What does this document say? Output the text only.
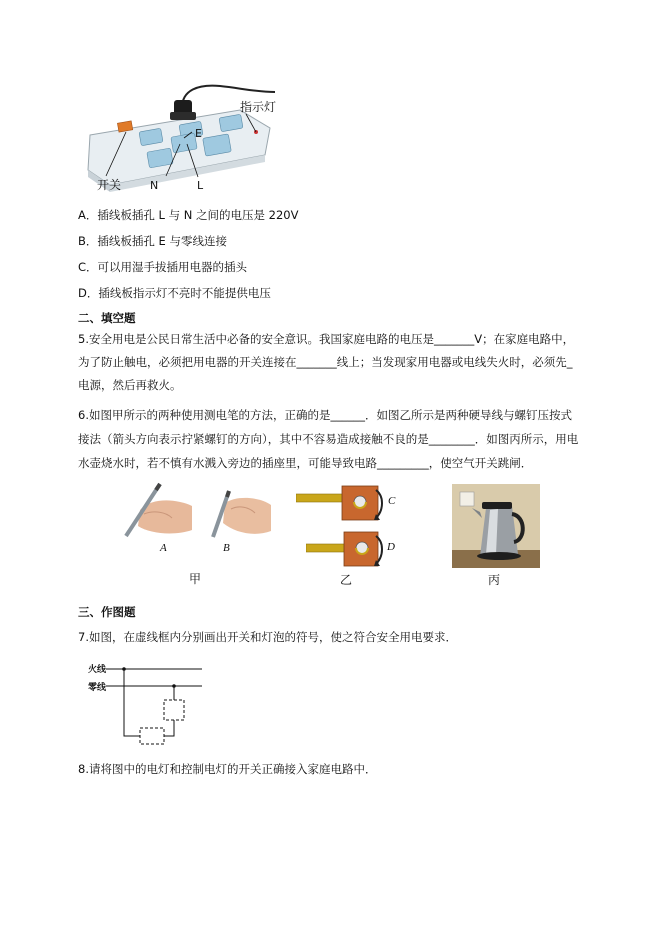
指示灯
E
开关	N	L
A．插线板插孔 L 与 N 之间的电压是 220V
B．插线板插孔 E 与零线连接
C．可以用湿手拔插用电器的插头
D．插线板指示灯不亮时不能提供电压
二、填空题
5.安全用电是公民日常生活中必备的安全意识。我国家庭电路的电压是_______V；在家庭电路中，
为了防止触电，必须把用电器的开关连接在_______线上；当发现家用电器或电线失火时，必须先_
电源，然后再救火。
6.如图甲所示的两种使用测电笔的方法，正确的是______．如图乙所示是两种硬导线与螺钉压按式
接法（箭头方向表示拧紧螺钉的方向），其中不容易造成接触不良的是________．如图丙所示，用电
水壶烧水时，若不慎有水溅入旁边的插座里，可能导致电路_________，使空气开关跳闸．
A	B
甲
C
D
乙	丙
三、作图题
7.如图，在虚线框内分别画出开关和灯泡的符号，使之符合安全用电要求．
火线
零线
8.请将图中的电灯和控制电灯的开关正确接入家庭电路中．
